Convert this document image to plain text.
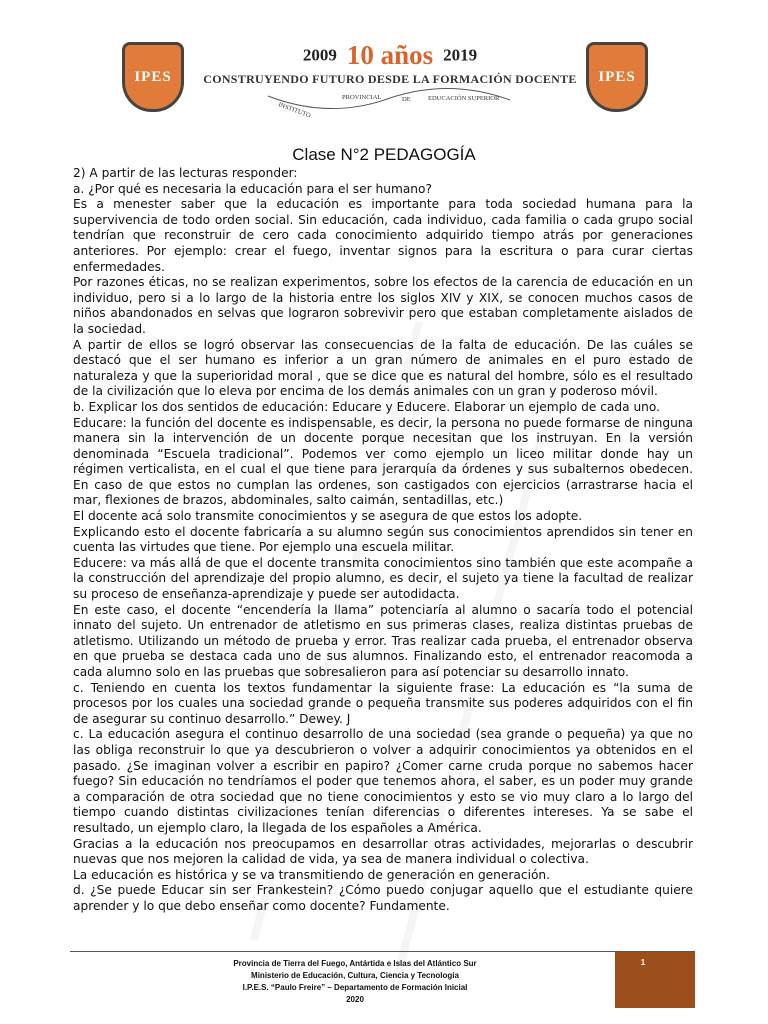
IPES
2009 10 años 2019
CONSTRUYENDO FUTURO DESDE LA FORMACIÓN DOCENTE
INSTITUTO
PROVINCIAL	DE	EDUCACIÓN SUPERIOR
IPES
Clase N°2 PEDAGOGÍA

2) A partir de las lecturas responder:

a. ¿Por qué es necesaria la educación para el ser humano?

Es a menester saber que la educación es importante para toda sociedad humana para la supervivencia de todo orden social. Sin educación, cada individuo, cada familia o cada grupo social tendrían que reconstruir de cero cada conocimiento adquirido tiempo atrás por generaciones anteriores. Por ejemplo: crear el fuego, inventar signos para la escritura o para curar ciertas enfermedades.

Por razones éticas, no se realizan experimentos, sobre los efectos de la carencia de educación en un individuo, pero si a lo largo de la historia entre los siglos XIV y XIX, se conocen muchos casos de niños abandonados en selvas que lograron sobrevivir pero que estaban completamente aislados de la sociedad.

A partir de ellos se logró observar las consecuencias de la falta de educación. De las cuáles se destacó que el ser humano es inferior a un gran número de animales en el puro estado de naturaleza y que la superioridad moral , que se dice que es natural del hombre, sólo es el resultado de la civilización que lo eleva por encima de los demás animales con un gran y poderoso móvil.

b. Explicar los dos sentidos de educación: Educare y Educere. Elaborar un ejemplo de cada uno.

Educare: la función del docente es indispensable, es decir, la persona no puede formarse de ninguna manera sin la intervención de un docente porque necesitan que los instruyan. En la versión denominada “Escuela tradicional”. Podemos ver como ejemplo un liceo militar donde hay un régimen verticalista, en el cual el que tiene para jerarquía da órdenes y sus subalternos obedecen. En caso de que estos no cumplan las ordenes, son castigados con ejercicios (arrastrarse hacia el mar, flexiones de brazos, abdominales, salto caimán, sentadillas, etc.)

El docente acá solo transmite conocimientos y se asegura de que estos los adopte.

Explicando esto el docente fabricaría a su alumno según sus conocimientos aprendidos sin tener en cuenta las virtudes que tiene. Por ejemplo una escuela militar.

Educere: va más allá de que el docente transmita conocimientos sino también que este acompañe a la construcción del aprendizaje del propio alumno, es decir, el sujeto ya tiene la facultad de realizar su proceso de enseñanza-aprendizaje y puede ser autodidacta.

En este caso, el docente “encendería la llama” potenciaría al alumno o sacaría todo el potencial innato del sujeto. Un entrenador de atletismo en sus primeras clases, realiza distintas pruebas de atletismo. Utilizando un método de prueba y error. Tras realizar cada prueba, el entrenador observa en que prueba se destaca cada uno de sus alumnos. Finalizando esto, el entrenador reacomoda a cada alumno solo en las pruebas que sobresalieron para así potenciar su desarrollo innato.

c. Teniendo en cuenta los textos fundamentar la siguiente frase: La educación es “la suma de procesos por los cuales una sociedad grande o pequeña transmite sus poderes adquiridos con el fin de asegurar su continuo desarrollo.” Dewey. J

c. La educación asegura el continuo desarrollo de una sociedad (sea grande o pequeña) ya que no las obliga reconstruir lo que ya descubrieron o volver a adquirir conocimientos ya obtenidos en el pasado. ¿Se imaginan volver a escribir en papiro? ¿Comer carne cruda porque no sabemos hacer fuego? Sin educación no tendríamos el poder que tenemos ahora, el saber, es un poder muy grande a comparación de otra sociedad que no tiene conocimientos y esto se vio muy claro a lo largo del tiempo cuando distintas civilizaciones tenían diferencias o diferentes intereses. Ya se sabe el resultado, un ejemplo claro, la llegada de los españoles a América.

Gracias a la educación nos preocupamos en desarrollar otras actividades, mejorarlas o descubrir nuevas que nos mejoren la calidad de vida, ya sea de manera individual o colectiva.

La educación es histórica y se va transmitiendo de generación en generación.

d. ¿Se puede Educar sin ser Frankestein? ¿Cómo puedo conjugar aquello que el estudiante quiere aprender y lo que debo enseñar como docente? Fundamente.

Provincia de Tierra del Fuego, Antártida e Islas del Atlántico Sur
Ministerio de Educación, Cultura, Ciencia y Tecnología
I.P.E.S. “Paulo Freire” – Departamento de Formación Inicial
2020
1
